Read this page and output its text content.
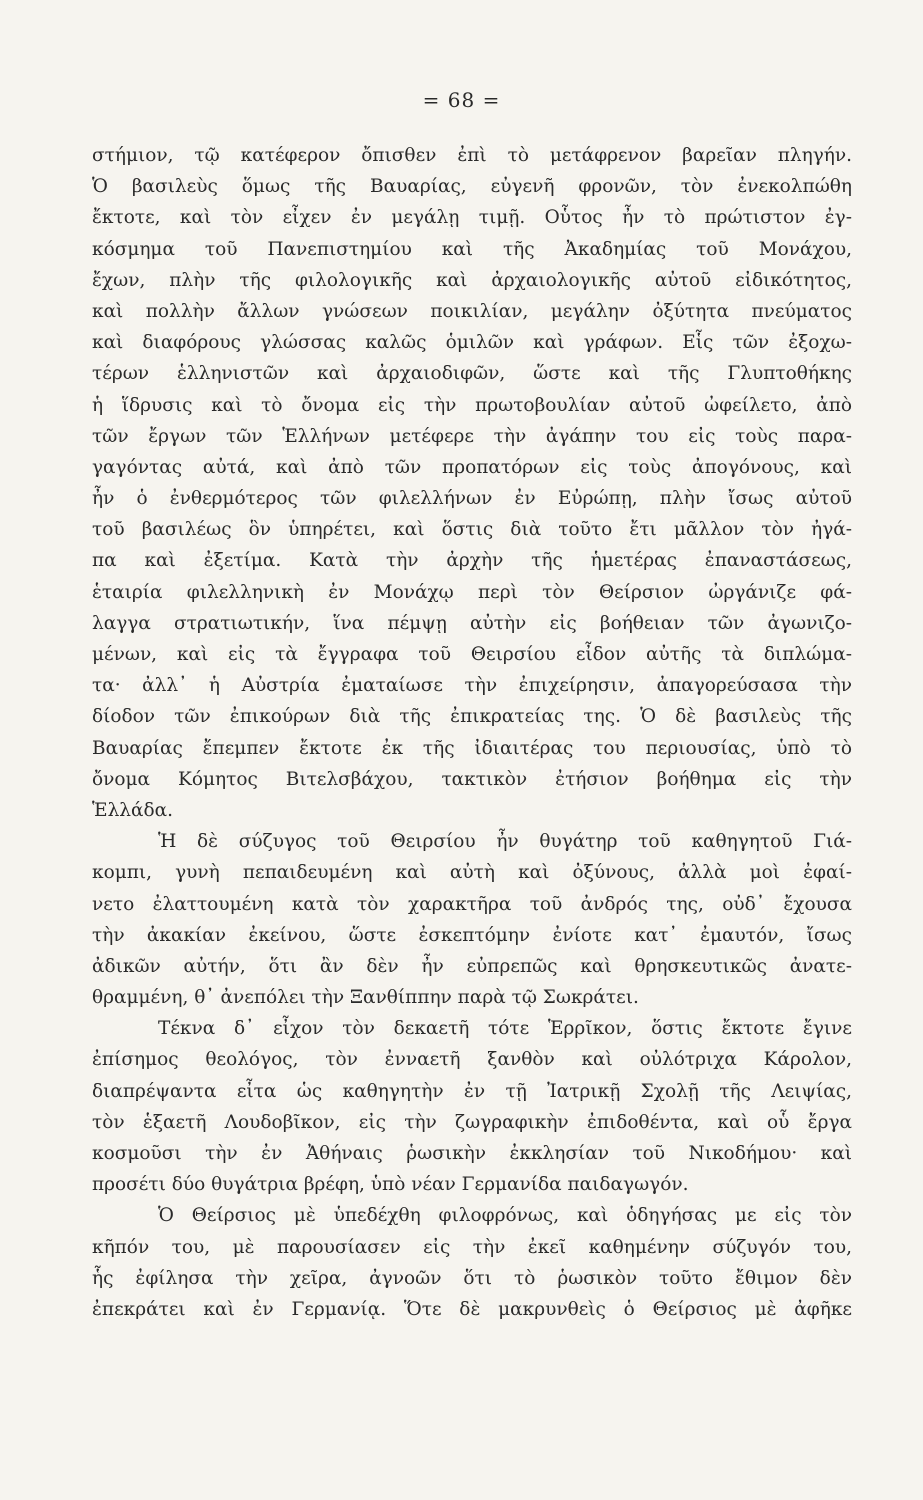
= 68 =
στήμιον, τῷ κατέφερον ὄπισθεν ἐπὶ τὸ μετάφρενον βαρεῖαν πληγήν.
Ὁ βασιλεὺς ὅμως τῆς Βαυαρίας, εὐγενῆ φρονῶν, τὸν ἐνεκολπώθη
ἔκτοτε, καὶ τὸν εἶχεν ἐν μεγάλῃ τιμῇ. Οὗτος ἦν τὸ πρώτιστον ἐγ-
κόσμημα τοῦ Πανεπιστημίου καὶ τῆς Ἀκαδημίας τοῦ Μονάχου,
ἔχων, πλὴν τῆς φιλολογικῆς καὶ ἀρχαιολογικῆς αὐτοῦ εἰδικότητος,
καὶ πολλὴν ἄλλων γνώσεων ποικιλίαν, μεγάλην ὀξύτητα πνεύματος
καὶ διαφόρους γλώσσας καλῶς ὁμιλῶν καὶ γράφων. Εἷς τῶν ἐξοχω-
τέρων ἑλληνιστῶν καὶ ἀρχαιοδιφῶν, ὥστε καὶ τῆς Γλυπτοθήκης
ἡ ἵδρυσις καὶ τὸ ὄνομα εἰς τὴν πρωτοβουλίαν αὐτοῦ ὠφείλετο, ἀπὸ
τῶν ἔργων τῶν Ἑλλήνων μετέφερε τὴν ἀγάπην του εἰς τοὺς παρα-
γαγόντας αὐτά, καὶ ἀπὸ τῶν προπατόρων εἰς τοὺς ἀπογόνους, καὶ
ἦν ὁ ἐνθερμότερος τῶν φιλελλήνων ἐν Εὐρώπῃ, πλὴν ἴσως αὐτοῦ
τοῦ βασιλέως ὃν ὑπηρέτει, καὶ ὅστις διὰ τοῦτο ἔτι μᾶλλον τὸν ἠγά-
πα καὶ ἐξετίμα. Κατὰ τὴν ἀρχὴν τῆς ἡμετέρας ἐπαναστάσεως,
ἑταιρία φιλελληνικὴ ἐν Μονάχῳ περὶ τὸν Θείρσιον ὠργάνιζε φά-
λαγγα στρατιωτικήν, ἵνα πέμψῃ αὐτὴν εἰς βοήθειαν τῶν ἀγωνιζο-
μένων, καὶ εἰς τὰ ἔγγραφα τοῦ Θειρσίου εἶδον αὐτῆς τὰ διπλώμα-
τα· ἀλλ᾽ ἡ Αὐστρία ἐματαίωσε τὴν ἐπιχείρησιν, ἀπαγορεύσασα τὴν
δίοδον τῶν ἐπικούρων διὰ τῆς ἐπικρατείας της. Ὁ δὲ βασιλεὺς τῆς
Βαυαρίας ἔπεμπεν ἔκτοτε ἐκ τῆς ἰδιαιτέρας του περιουσίας, ὑπὸ τὸ
ὄνομα Κόμητος Βιτελσβάχου, τακτικὸν ἐτήσιον βοήθημα εἰς τὴν
Ἑλλάδα.
Ἡ δὲ σύζυγος τοῦ Θειρσίου ἦν θυγάτηρ τοῦ καθηγητοῦ Γιά-
κομπι, γυνὴ πεπαιδευμένη καὶ αὐτὴ καὶ ὀξύνους, ἀλλὰ μοὶ ἐφαί-
νετο ἐλαττουμένη κατὰ τὸν χαρακτῆρα τοῦ ἀνδρός της, οὐδ᾽ ἔχουσα
τὴν ἀκακίαν ἐκείνου, ὥστε ἐσκεπτόμην ἐνίοτε κατ᾽ ἐμαυτόν, ἴσως
ἀδικῶν αὐτήν, ὅτι ἂν δὲν ἦν εὐπρεπῶς καὶ θρησκευτικῶς ἀνατε-
θραμμένη, θ᾽ ἀνεπόλει τὴν Ξανθίππην παρὰ τῷ Σωκράτει.
Τέκνα δ᾽ εἶχον τὸν δεκαετῆ τότε Ἑρρῖκον, ὅστις ἔκτοτε ἔγινε
ἐπίσημος θεολόγος, τὸν ἐνναετῆ ξανθὸν καὶ οὐλότριχα Κάρολον,
διαπρέψαντα εἶτα ὡς καθηγητὴν ἐν τῇ Ἰατρικῇ Σχολῇ τῆς Λειψίας,
τὸν ἑξαετῆ Λουδοβῖκον, εἰς τὴν ζωγραφικὴν ἐπιδοθέντα, καὶ οὗ ἔργα
κοσμοῦσι τὴν ἐν Ἀθήναις ῥωσικὴν ἐκκλησίαν τοῦ Νικοδήμου· καὶ
προσέτι δύο θυγάτρια βρέφη, ὑπὸ νέαν Γερμανίδα παιδαγωγόν.
Ὁ Θείρσιος μὲ ὑπεδέχθη φιλοφρόνως, καὶ ὁδηγήσας με εἰς τὸν
κῆπόν του, μὲ παρουσίασεν εἰς τὴν ἐκεῖ καθημένην σύζυγόν του,
ἧς ἐφίλησα τὴν χεῖρα, ἀγνοῶν ὅτι τὸ ῥωσικὸν τοῦτο ἔθιμον δὲν
ἐπεκράτει καὶ ἐν Γερμανίᾳ. Ὅτε δὲ μακρυνθεὶς ὁ Θείρσιος μὲ ἀφῆκε
